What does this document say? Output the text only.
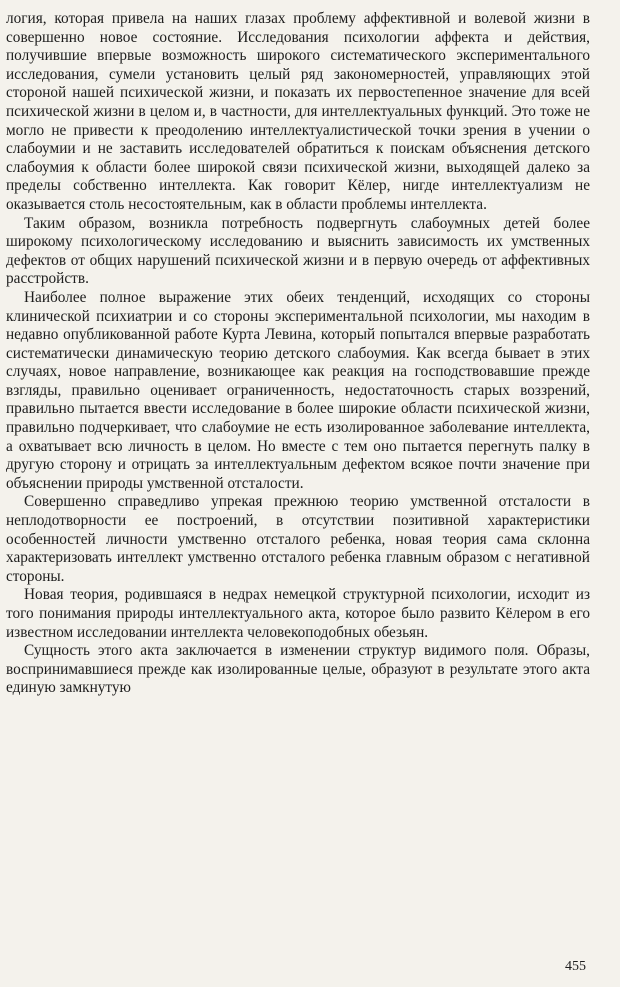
логия, которая привела на наших глазах проблему аффективной и волевой жизни в совершенно новое состояние. Исследования психологии аффекта и действия, получившие впервые возможность широкого систематического экспериментального исследования, сумели установить целый ряд закономерностей, управляющих этой стороной нашей психической жизни, и показать их первостепенное значение для всей психической жизни в целом и, в частности, для интеллектуальных функций. Это тоже не могло не привести к преодолению интеллектуалистической точки зрения в учении о слабоумии и не заставить исследователей обратиться к поискам объяснения детского слабоумия к области более широкой связи психической жизни, выходящей далеко за пределы собственно интеллекта. Как говорит Кёлер, нигде интеллектуализм не оказывается столь несостоятельным, как в области проблемы интеллекта.

Таким образом, возникла потребность подвергнуть слабоумных детей более широкому психологическому исследованию и выяснить зависимость их умственных дефектов от общих нарушений психической жизни и в первую очередь от аффективных расстройств.

Наиболее полное выражение этих обеих тенденций, исходящих со стороны клинической психиатрии и со стороны экспериментальной психологии, мы находим в недавно опубликованной работе Курта Левина, который попытался впервые разработать систематически динамическую теорию детского слабоумия. Как всегда бывает в этих случаях, новое направление, возникающее как реакция на господствовавшие прежде взгляды, правильно оценивает ограниченность, недостаточность старых воззрений, правильно пытается ввести исследование в более широкие области психической жизни, правильно подчеркивает, что слабоумие не есть изолированное заболевание интеллекта, а охватывает всю личность в целом. Но вместе с тем оно пытается перегнуть палку в другую сторону и отрицать за интеллектуальным дефектом всякое почти значение при объяснении природы умственной отсталости.

Совершенно справедливо упрекая прежнюю теорию умственной отсталости в неплодотворности ее построений, в отсутствии позитивной характеристики особенностей личности умственно отсталого ребенка, новая теория сама склонна характеризовать интеллект умственно отсталого ребенка главным образом с негативной стороны.

Новая теория, родившаяся в недрах немецкой структурной психологии, исходит из того понимания природы интеллектуального акта, которое было развито Кёлером в его известном исследовании интеллекта человекоподобных обезьян.

Сущность этого акта заключается в изменении структур видимого поля. Образы, воспринимавшиеся прежде как изолированные целые, образуют в результате этого акта единую замкнутую

455
